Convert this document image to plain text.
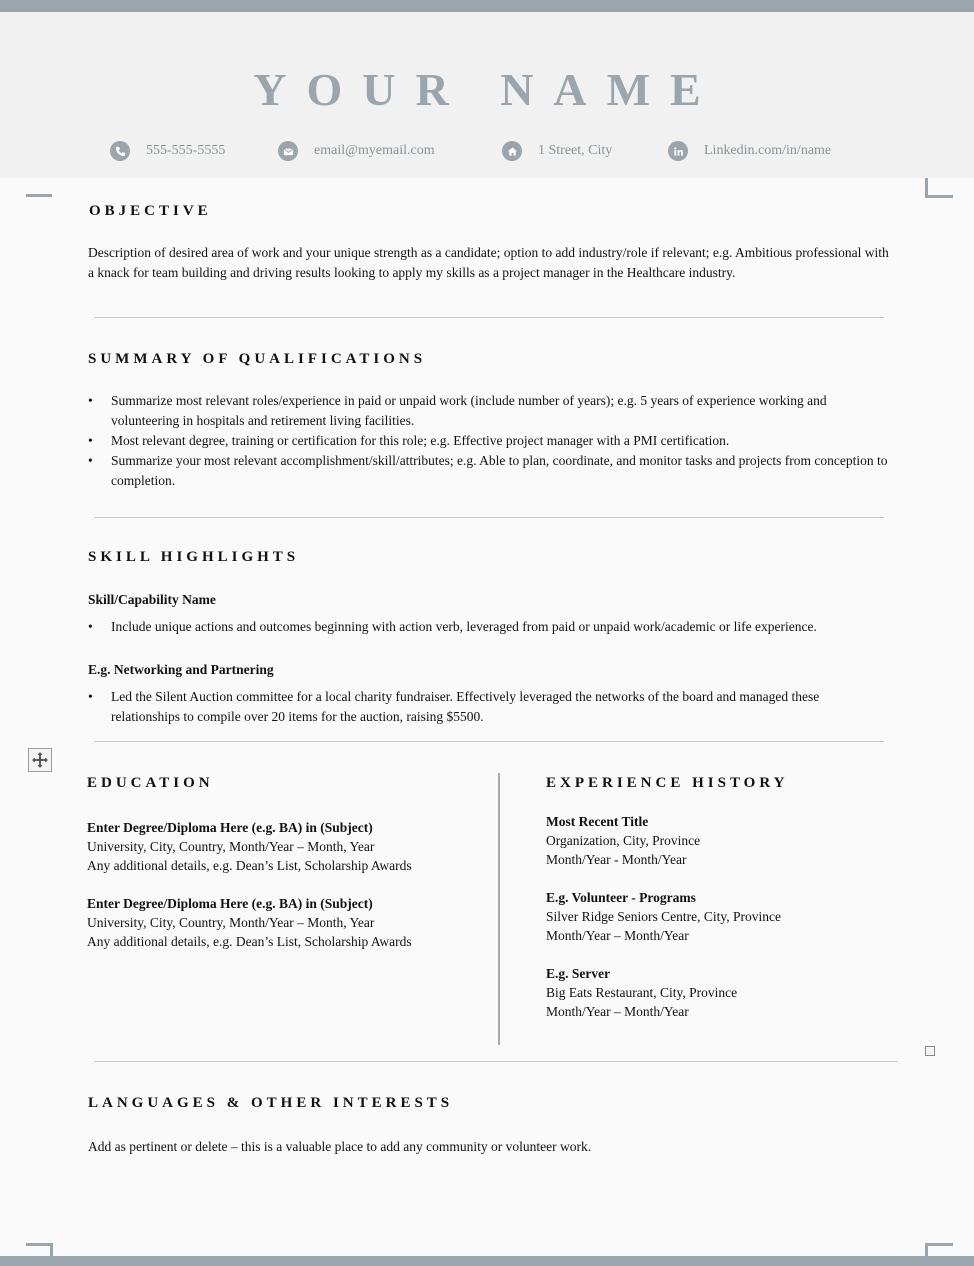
YOUR NAME
555-555-5555	email@myemail.com	1 Street, City	Linkedin.com/in/name
OBJECTIVE
Description of desired area of work and your unique strength as a candidate; option to add industry/role if relevant; e.g. Ambitious professional with a knack for team building and driving results looking to apply my skills as a project manager in the Healthcare industry.
SUMMARY OF QUALIFICATIONS
• Summarize most relevant roles/experience in paid or unpaid work (include number of years); e.g. 5 years of experience working and volunteering in hospitals and retirement living facilities.
• Most relevant degree, training or certification for this role; e.g. Effective project manager with a PMI certification.
• Summarize your most relevant accomplishment/skill/attributes; e.g. Able to plan, coordinate, and monitor tasks and projects from conception to completion.
SKILL HIGHLIGHTS
Skill/Capability Name
• Include unique actions and outcomes beginning with action verb, leveraged from paid or unpaid work/academic or life experience.
E.g. Networking and Partnering
• Led the Silent Auction committee for a local charity fundraiser. Effectively leveraged the networks of the board and managed these relationships to compile over 20 items for the auction, raising $5500.
EDUCATION
Enter Degree/Diploma Here (e.g. BA) in (Subject)
University, City, Country, Month/Year – Month, Year
Any additional details, e.g. Dean’s List, Scholarship Awards
Enter Degree/Diploma Here (e.g. BA) in (Subject)
University, City, Country, Month/Year – Month, Year
Any additional details, e.g. Dean’s List, Scholarship Awards
EXPERIENCE HISTORY
Most Recent Title
Organization, City, Province
Month/Year - Month/Year
E.g. Volunteer - Programs
Silver Ridge Seniors Centre, City, Province
Month/Year – Month/Year
E.g. Server
Big Eats Restaurant, City, Province
Month/Year – Month/Year
LANGUAGES & OTHER INTERESTS
Add as pertinent or delete – this is a valuable place to add any community or volunteer work.
